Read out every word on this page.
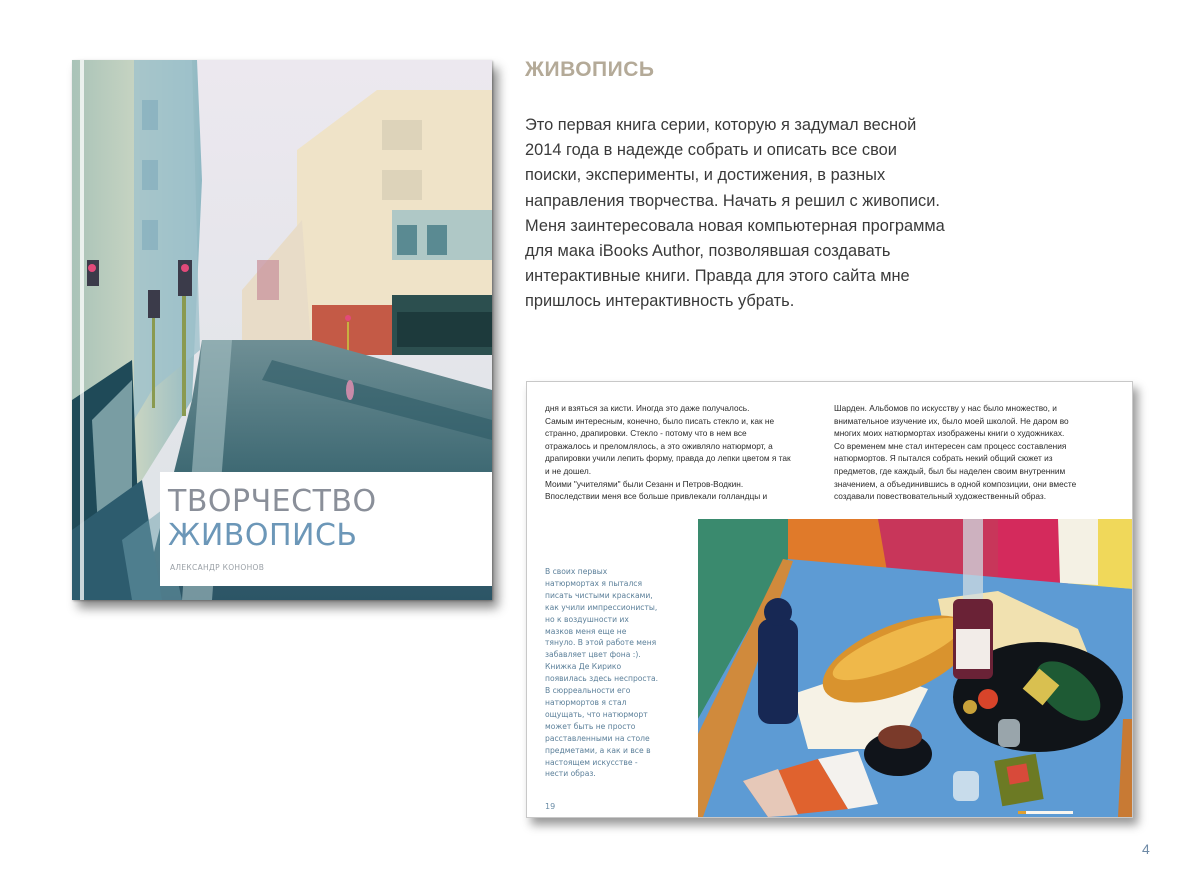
ТВОРЧЕСТВО
ЖИВОПИСЬ
АЛЕКСАНДР КОНОНОВ
ЖИВОПИСЬ
Это первая книга серии, которую я задумал весной
2014 года в надежде собрать и описать все свои
поиски, эксперименты, и достижения, в разных
направления творчества. Начать я решил с живописи.
Меня заинтересовала новая компьютерная программа
для мака iBooks Author, позволявшая создавать
интерактивные книги. Правда для этого сайта мне
пришлось интерактивность убрать.
дня и взяться за кисти. Иногда это даже получалось.
Самым интересным, конечно, было писать стекло и, как не
странно, драпировки. Стекло - потому что в нем все
отражалось и преломлялось, а это оживляло натюрморт, а
драпировки учили лепить форму, правда до лепки цветом я так
и не дошел.
Моими "учителями" были Сезанн и Петров-Водкин.
Впоследствии меня все больше привлекали голландцы и
Шарден. Альбомов по искусству у нас было множество, и
внимательное изучение их, было моей школой. Не даром во
многих моих натюрмортах изображены книги о художниках.
Со временем мне стал интересен сам процесс составления
натюрмортов. Я пытался собрать некий общий сюжет из
предметов, где каждый, был бы наделен своим внутренним
значением, а объединившись в одной композиции, они вместе
создавали повествовательный художественный образ.
В своих первых
натюрмортах я пытался
писать чистыми красками,
как учили импрессионисты,
но к воздушности их
мазков меня еще не
тянуло. В этой работе меня
забавляет цвет фона :).
Книжка Де Кирико
появилась здесь неспроста.
В сюрреальности его
натюрмортов я стал
ощущать, что натюрморт
может быть не просто
расставленными на столе
предметами, а как и все в
настоящем искусстве -
нести образ.
19
4
